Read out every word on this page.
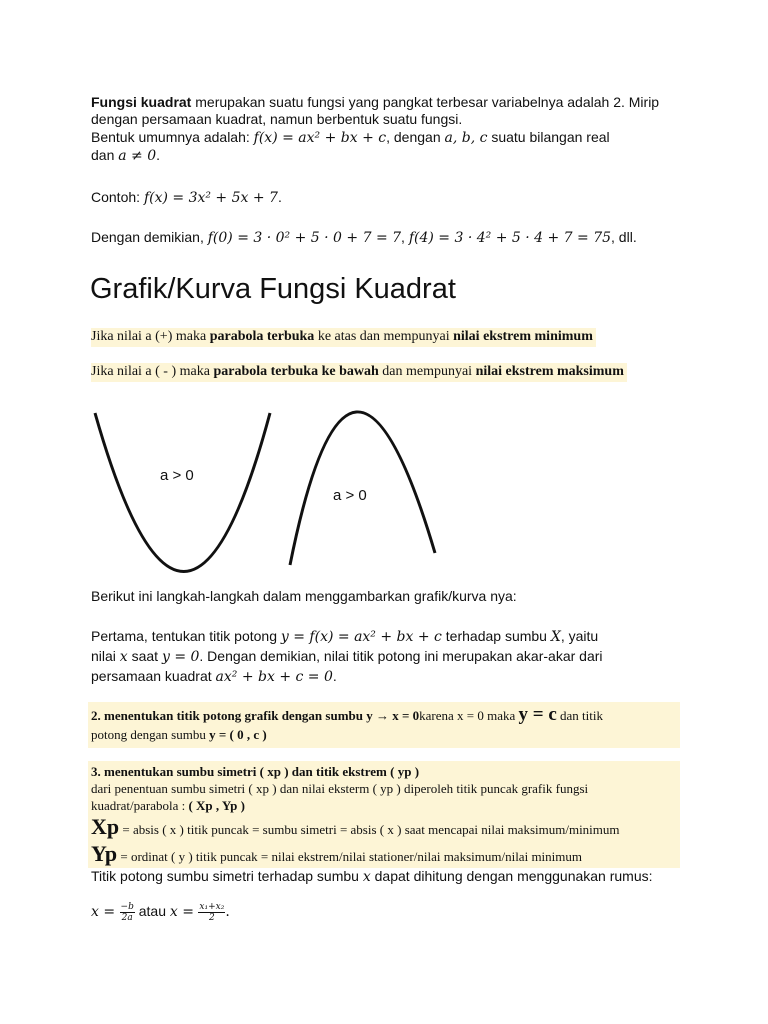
Fungsi kuadrat merupakan suatu fungsi yang pangkat terbesar variabelnya adalah 2. Mirip
dengan persamaan kuadrat, namun berbentuk suatu fungsi.
Bentuk umumnya adalah: f(x) = ax² + bx + c, dengan a, b, c suatu bilangan real
dan a ≠ 0.
Contoh: f(x) = 3x² + 5x + 7.
Dengan demikian, f(0) = 3 · 0² + 5 · 0 + 7 = 7, f(4) = 3 · 4² + 5 · 4 + 7 = 75, dll.
Grafik/Kurva Fungsi Kuadrat
Jika nilai a (+) maka parabola terbuka ke atas dan mempunyai nilai ekstrem minimum
Jika nilai a ( - ) maka parabola terbuka ke bawah dan mempunyai nilai ekstrem maksimum
a > 0
a > 0
Berikut ini langkah-langkah dalam menggambarkan grafik/kurva nya:
Pertama, tentukan titik potong y = f(x) = ax² + bx + c terhadap sumbu X, yaitu
nilai x saat y = 0. Dengan demikian, nilai titik potong ini merupakan akar-akar dari
persamaan kuadrat ax² + bx + c = 0.
2. menentukan titik potong grafik dengan sumbu y → x = 0karena x = 0 maka y = c dan titik
potong dengan sumbu y = ( 0 , c )
3. menentukan sumbu simetri ( xp ) dan titik ekstrem ( yp )
dari penentuan sumbu simetri ( xp ) dan nilai eksterm ( yp ) diperoleh titik puncak grafik fungsi
kuadrat/parabola : ( Xp , Yp )
Xp = absis ( x ) titik puncak = sumbu simetri = absis ( x ) saat mencapai nilai maksimum/minimum
Yp = ordinat ( y ) titik puncak = nilai ekstrem/nilai stationer/nilai maksimum/nilai minimum
Titik potong sumbu simetri terhadap sumbu x dapat dihitung dengan menggunakan rumus:
$x = \frac{-b}{2a}$ atau $x = \frac{\text{x₁+x₂}}{2}$ .
